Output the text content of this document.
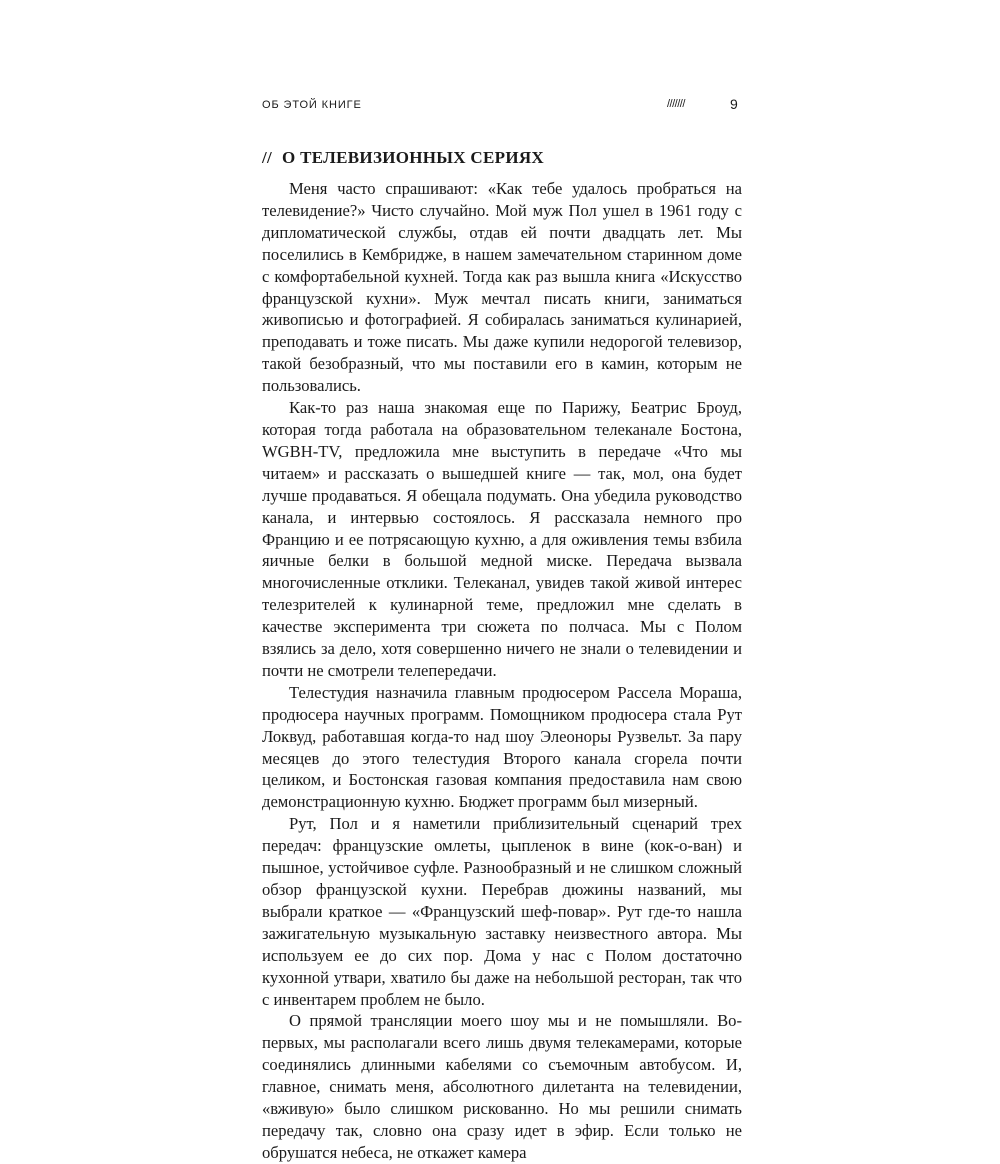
ОБ ЭТОЙ КНИГЕ	///////	9
// О ТЕЛЕВИЗИОННЫХ СЕРИЯХ

Меня часто спрашивают: «Как тебе удалось пробраться на телевидение?» Чисто случайно. Мой муж Пол ушел в 1961 году с дипломатической службы, отдав ей почти двадцать лет. Мы поселились в Кембридже, в нашем замечательном старинном доме с комфортабельной кухней. Тогда как раз вышла книга «Искусство французской кухни». Муж мечтал писать книги, заниматься живописью и фотографией. Я собиралась заниматься кулинарией, преподавать и тоже писать. Мы даже купили недорогой телевизор, такой безобразный, что мы поставили его в камин, которым не пользовались.

Как-то раз наша знакомая еще по Парижу, Беатрис Броуд, которая тогда работала на образовательном телеканале Бостона, WGBH-TV, предложила мне выступить в передаче «Что мы читаем» и рассказать о вышедшей книге — так, мол, она будет лучше продаваться. Я обещала подумать. Она убедила руководство канала, и интервью состоялось. Я рассказала немного про Францию и ее потрясающую кухню, а для оживления темы взбила яичные белки в большой медной миске. Передача вызвала многочисленные отклики. Телеканал, увидев такой живой интерес телезрителей к кулинарной теме, предложил мне сделать в качестве эксперимента три сюжета по полчаса. Мы с Полом взялись за дело, хотя совершенно ничего не знали о телевидении и почти не смотрели телепередачи.

Телестудия назначила главным продюсером Рассела Мораша, продюсера научных программ. Помощником продюсера стала Рут Локвуд, работавшая когда-то над шоу Элеоноры Рузвельт. За пару месяцев до этого телестудия Второго канала сгорела почти целиком, и Бостонская газовая компания предоставила нам свою демонстрационную кухню. Бюджет программ был мизерный.

Рут, Пол и я наметили приблизительный сценарий трех передач: французские омлеты, цыпленок в вине (кок-о-ван) и пышное, устойчивое суфле. Разнообразный и не слишком сложный обзор французской кухни. Перебрав дюжины названий, мы выбрали краткое — «Французский шеф-повар». Рут где-то нашла зажигательную музыкальную заставку неизвестного автора. Мы используем ее до сих пор. Дома у нас с Полом достаточно кухонной утвари, хватило бы даже на небольшой ресторан, так что с инвентарем проблем не было.

О прямой трансляции моего шоу мы и не помышляли. Во-первых, мы располагали всего лишь двумя телекамерами, которые соединялись длинными кабелями со съемочным автобусом. И, главное, снимать меня, абсолютного дилетанта на телевидении, «вживую» было слишком рискованно. Но мы решили снимать передачу так, словно она сразу идет в эфир. Если только не обрушатся небеса, не откажет камера
